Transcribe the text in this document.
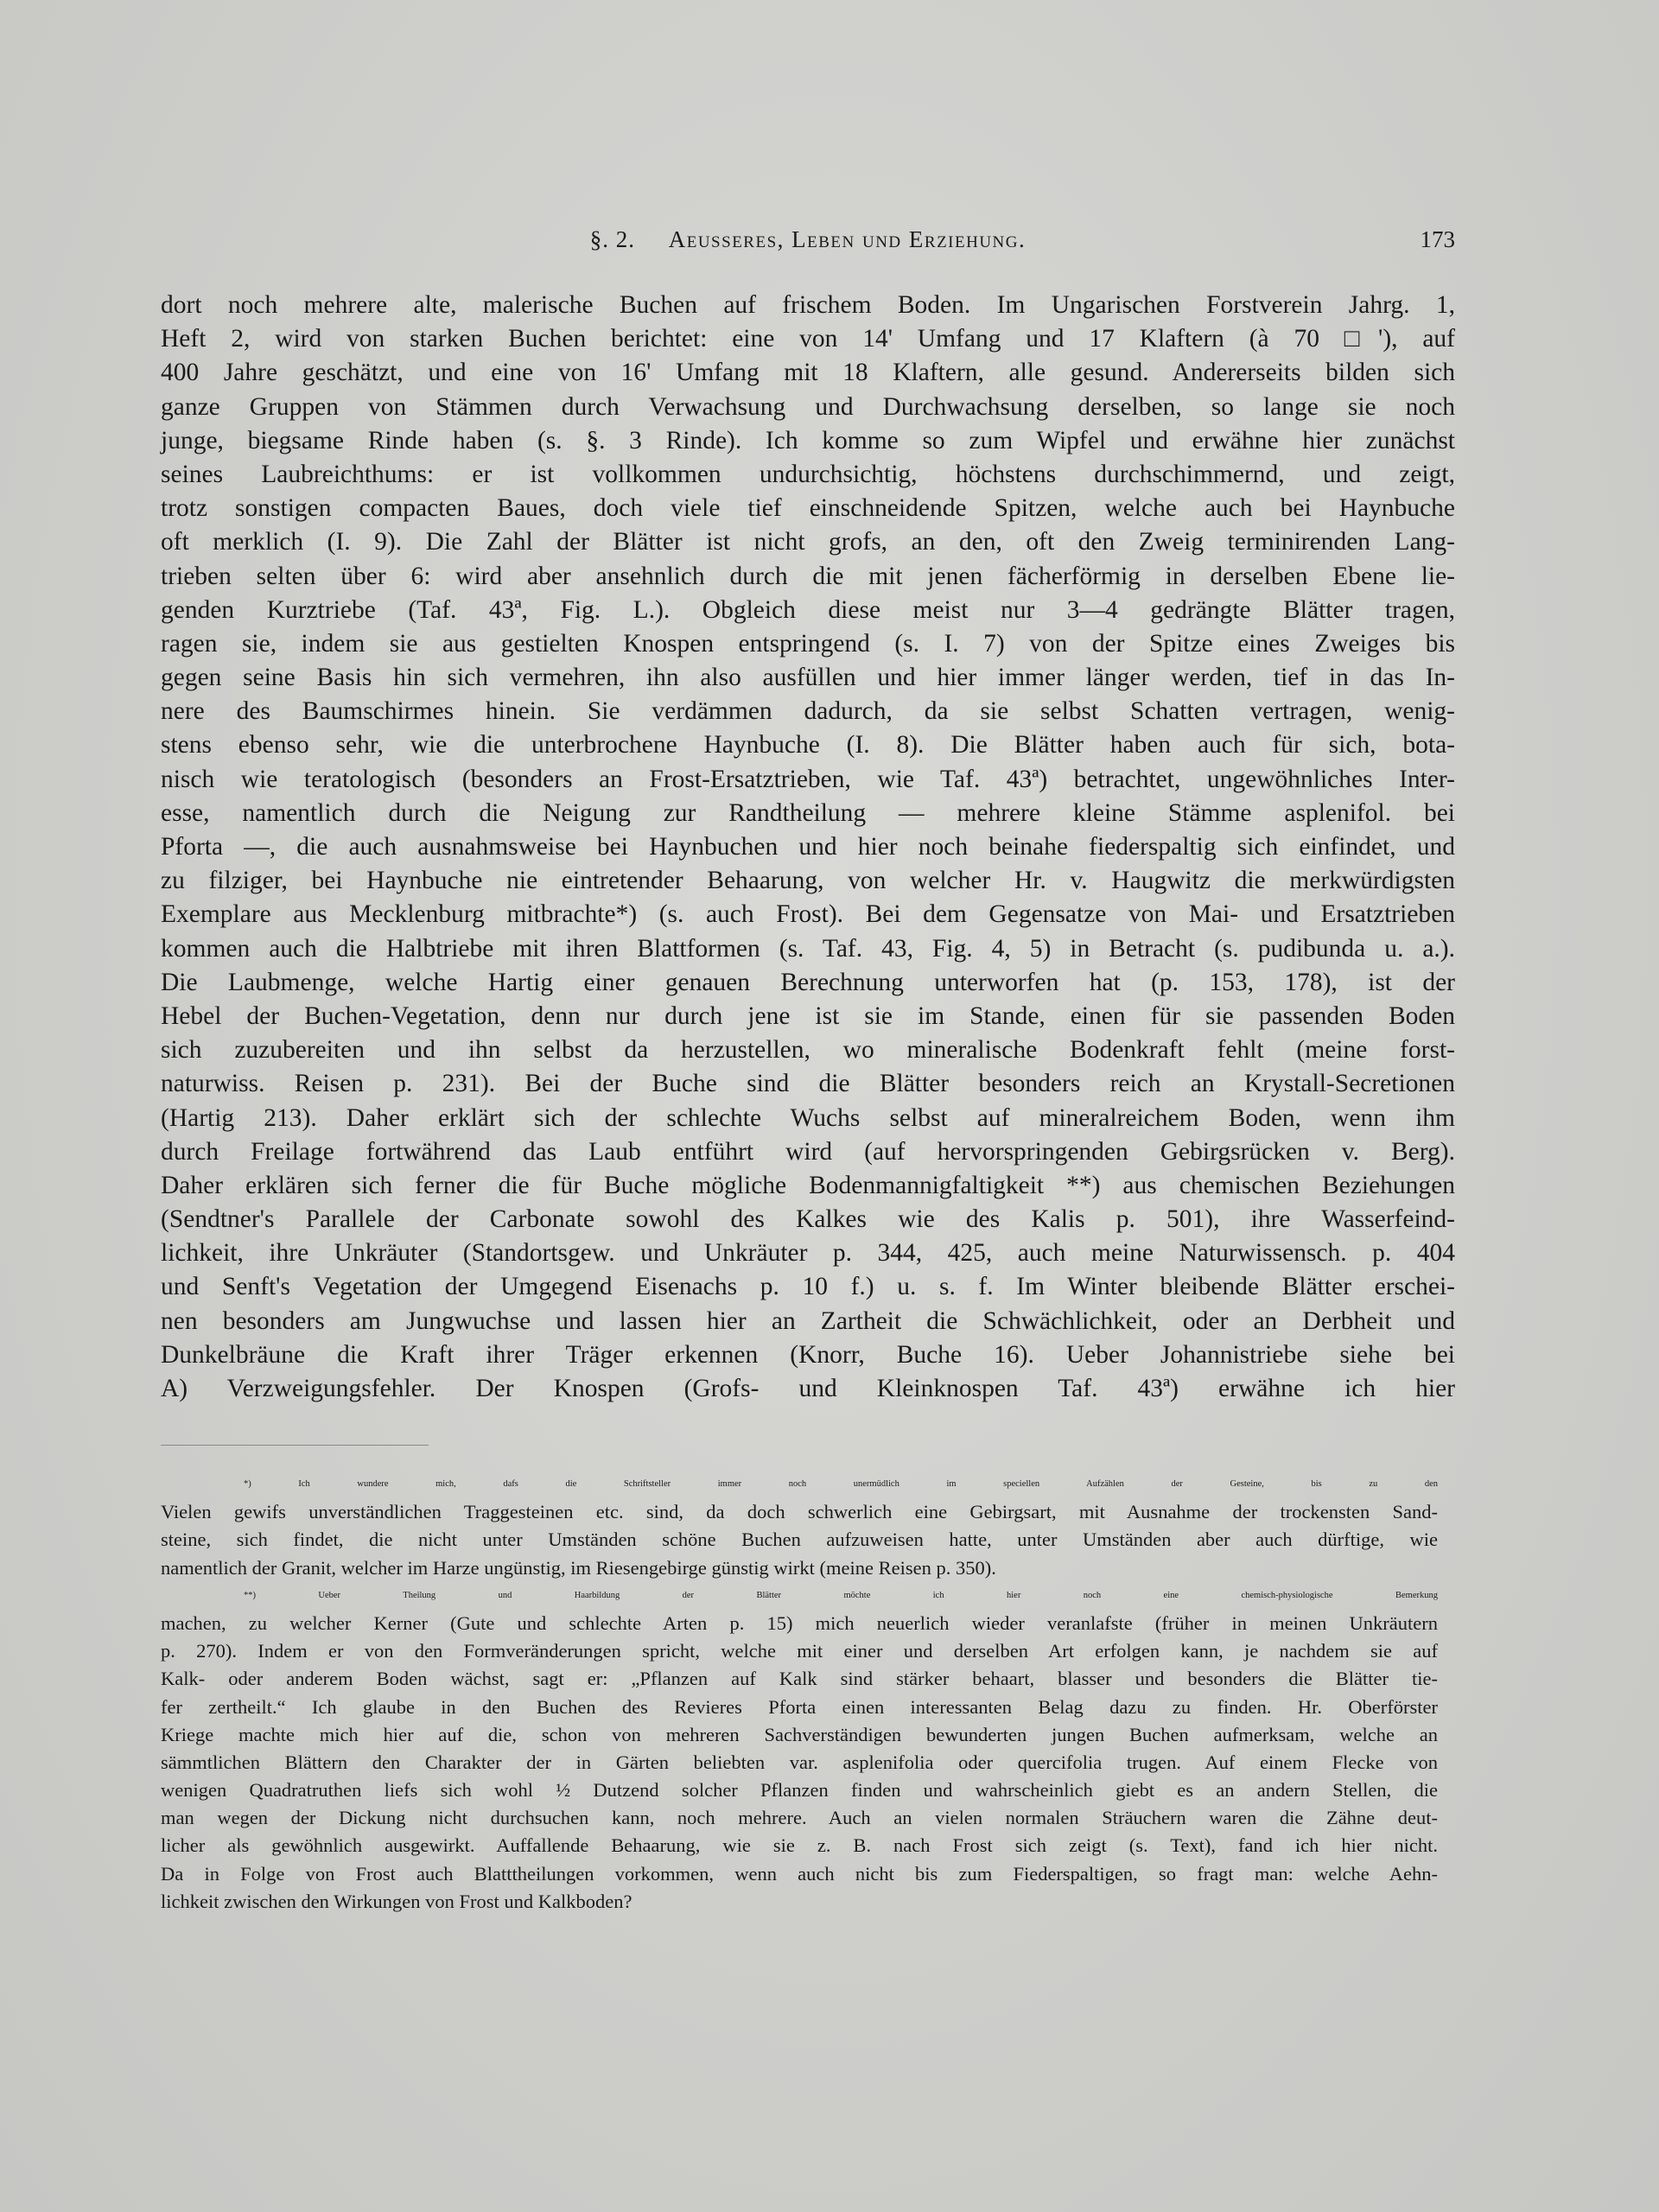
§. 2. Aeusseres, Leben und Erziehung.	173
dort noch mehrere alte, malerische Buchen auf frischem Boden. Im Ungarischen Forstverein Jahrg. 1,
Heft 2, wird von starken Buchen berichtet: eine von 14' Umfang und 17 Klaftern (à 70 □'), auf
400 Jahre geschätzt, und eine von 16' Umfang mit 18 Klaftern, alle gesund. Andererseits bilden sich
ganze Gruppen von Stämmen durch Verwachsung und Durchwachsung derselben, so lange sie noch
junge, biegsame Rinde haben (s. §. 3 Rinde). Ich komme so zum Wipfel und erwähne hier zunächst
seines Laubreichthums: er ist vollkommen undurchsichtig, höchstens durchschimmernd, und zeigt,
trotz sonstigen compacten Baues, doch viele tief einschneidende Spitzen, welche auch bei Haynbuche
oft merklich (I. 9). Die Zahl der Blätter ist nicht grofs, an den, oft den Zweig terminirenden Lang-
trieben selten über 6: wird aber ansehnlich durch die mit jenen fächerförmig in derselben Ebene lie-
genden Kurztriebe (Taf. 43ª, Fig. L.). Obgleich diese meist nur 3—4 gedrängte Blätter tragen,
ragen sie, indem sie aus gestielten Knospen entspringend (s. I. 7) von der Spitze eines Zweiges bis
gegen seine Basis hin sich vermehren, ihn also ausfüllen und hier immer länger werden, tief in das In-
nere des Baumschirmes hinein. Sie verdämmen dadurch, da sie selbst Schatten vertragen, wenig-
stens ebenso sehr, wie die unterbrochene Haynbuche (I. 8). Die Blätter haben auch für sich, bota-
nisch wie teratologisch (besonders an Frost-Ersatztrieben, wie Taf. 43ª) betrachtet, ungewöhnliches Inter-
esse, namentlich durch die Neigung zur Randtheilung — mehrere kleine Stämme asplenifol. bei
Pforta —, die auch ausnahmsweise bei Haynbuchen und hier noch beinahe fiederspaltig sich einfindet, und
zu filziger, bei Haynbuche nie eintretender Behaarung, von welcher Hr. v. Haugwitz die merkwürdigsten
Exemplare aus Mecklenburg mitbrachte*) (s. auch Frost). Bei dem Gegensatze von Mai- und Ersatztrieben
kommen auch die Halbtriebe mit ihren Blattformen (s. Taf. 43, Fig. 4, 5) in Betracht (s. pudibunda u. a.).
Die Laubmenge, welche Hartig einer genauen Berechnung unterworfen hat (p. 153, 178), ist der
Hebel der Buchen-Vegetation, denn nur durch jene ist sie im Stande, einen für sie passenden Boden
sich zuzubereiten und ihn selbst da herzustellen, wo mineralische Bodenkraft fehlt (meine forst-
naturwiss. Reisen p. 231). Bei der Buche sind die Blätter besonders reich an Krystall-Secretionen
(Hartig 213). Daher erklärt sich der schlechte Wuchs selbst auf mineralreichem Boden, wenn ihm
durch Freilage fortwährend das Laub entführt wird (auf hervorspringenden Gebirgsrücken v. Berg).
Daher erklären sich ferner die für Buche mögliche Bodenmannigfaltigkeit **) aus chemischen Beziehungen
(Sendtner's Parallele der Carbonate sowohl des Kalkes wie des Kalis p. 501), ihre Wasserfeind-
lichkeit, ihre Unkräuter (Standortsgew. und Unkräuter p. 344, 425, auch meine Naturwissensch. p. 404
und Senft's Vegetation der Umgegend Eisenachs p. 10 f.) u. s. f. Im Winter bleibende Blätter erschei-
nen besonders am Jungwuchse und lassen hier an Zartheit die Schwächlichkeit, oder an Derbheit und
Dunkelbräune die Kraft ihrer Träger erkennen (Knorr, Buche 16). Ueber Johannistriebe siehe bei
A) Verzweigungsfehler. Der Knospen (Grofs- und Kleinknospen Taf. 43ª) erwähne ich hier
*) Ich wundere mich, dafs die Schriftsteller immer noch unermüdlich im speciellen Aufzählen der Gesteine, bis zu den
Vielen gewifs unverständlichen Traggesteinen etc. sind, da doch schwerlich eine Gebirgsart, mit Ausnahme der trockensten Sand-
steine, sich findet, die nicht unter Umständen schöne Buchen aufzuweisen hatte, unter Umständen aber auch dürftige, wie
namentlich der Granit, welcher im Harze ungünstig, im Riesengebirge günstig wirkt (meine Reisen p. 350).
**) Ueber Theilung und Haarbildung der Blätter möchte ich hier noch eine chemisch-physiologische Bemerkung
machen, zu welcher Kerner (Gute und schlechte Arten p. 15) mich neuerlich wieder veranlafste (früher in meinen Unkräutern
p. 270). Indem er von den Formveränderungen spricht, welche mit einer und derselben Art erfolgen kann, je nachdem sie auf
Kalk- oder anderem Boden wächst, sagt er: „Pflanzen auf Kalk sind stärker behaart, blasser und besonders die Blätter tie-
fer zertheilt.“ Ich glaube in den Buchen des Revieres Pforta einen interessanten Belag dazu zu finden. Hr. Oberförster
Kriege machte mich hier auf die, schon von mehreren Sachverständigen bewunderten jungen Buchen aufmerksam, welche an
sämmtlichen Blättern den Charakter der in Gärten beliebten var. asplenifolia oder quercifolia trugen. Auf einem Flecke von
wenigen Quadratruthen liefs sich wohl ½ Dutzend solcher Pflanzen finden und wahrscheinlich giebt es an andern Stellen, die
man wegen der Dickung nicht durchsuchen kann, noch mehrere. Auch an vielen normalen Sträuchern waren die Zähne deut-
licher als gewöhnlich ausgewirkt. Auffallende Behaarung, wie sie z. B. nach Frost sich zeigt (s. Text), fand ich hier nicht.
Da in Folge von Frost auch Blatttheilungen vorkommen, wenn auch nicht bis zum Fiederspaltigen, so fragt man: welche Aehn-
lichkeit zwischen den Wirkungen von Frost und Kalkboden?
